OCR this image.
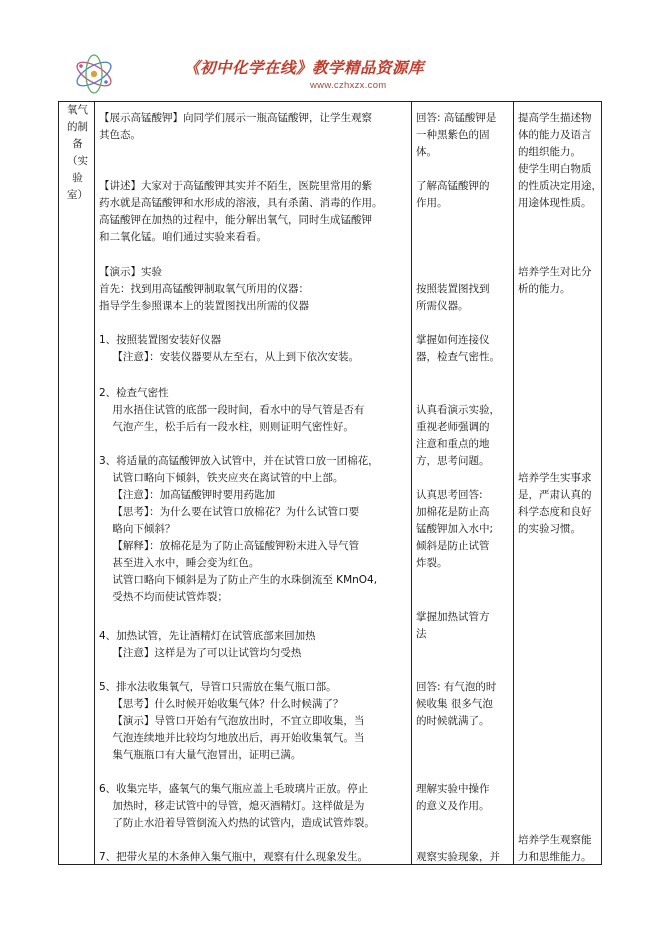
《初中化学在线》教学精品资源库
www.czhxzx.com
氧气
的制
备
（实
验
室）
【展示高锰酸钾】向同学们展示一瓶高锰酸钾，让学生观察
其色态。
【讲述】大家对于高锰酸钾其实并不陌生，医院里常用的紫
药水就是高锰酸钾和水形成的溶液，具有杀菌、消毒的作用。
高锰酸钾在加热的过程中，能分解出氧气，同时生成锰酸钾
和二氧化锰。咱们通过实验来看看。
【演示】实验
首先：找到用高锰酸钾制取氧气所用的仪器：
指导学生参照课本上的装置图找出所需的仪器
1、按照装置图安装好仪器
【注意】：安装仪器要从左至右，从上到下依次安装。
2、检查气密性
用水捂住试管的底部一段时间，看水中的导气管是否有
气泡产生，松手后有一段水柱，则则证明气密性好。
3、将适量的高锰酸钾放入试管中，并在试管口放一团棉花，
试管口略向下倾斜，铁夹应夹在离试管的中上部。
【注意】：加高锰酸钾时要用药匙加
【思考】：为什么要在试管口放棉花？为什么试管口要
略向下倾斜？
【解释】：放棉花是为了防止高锰酸钾粉末进入导气管
甚至进入水中，睡会变为红色。
试管口略向下倾斜是为了防止产生的水珠倒流至 KMnO4,
受热不均而使试管炸裂；
4、加热试管，先让酒精灯在试管底部来回加热
【注意】这样是为了可以让试管均匀受热
5、排水法收集氧气，导管口只需放在集气瓶口部。
【思考】什么时候开始收集气体？什么时候满了？
【演示】导管口开始有气泡放出时，不宜立即收集，当
气泡连续地并比较均匀地放出后，再开始收集氧气。当
集气瓶瓶口有大量气泡冒出，证明已满。
6、收集完毕，盛氧气的集气瓶应盖上毛玻璃片正放。停止
加热时，移走试管中的导管，熄灭酒精灯。这样做是为
了防止水沿着导管倒流入灼热的试管内，造成试管炸裂。
7、把带火星的木条伸入集气瓶中，观察有什么现象发生。
回答: 高锰酸钾是
一种黑紫色的固
体。
了解高锰酸钾的
作用。
按照装置图找到
所需仪器。
掌握如何连接仪
器，检查气密性。
认真看演示实验，
重视老师强调的
注意和重点的地
方，思考问题。
认真思考回答:
加棉花是防止高
锰酸钾加入水中;
倾斜是防止试管
炸裂。
掌握加热试管方
法
回答: 有气泡的时
候收集 很多气泡
的时候就满了。
理解实验中操作
的意义及作用。
观察实验现象，并
提高学生描述物
体的能力及语言
的组织能力。
使学生明白物质
的性质决定用途，
用途体现性质。
培养学生对比分
析的能力。
培养学生实事求
是，严肃认真的
科学态度和良好
的实验习惯。
培养学生观察能
力和思维能力。
